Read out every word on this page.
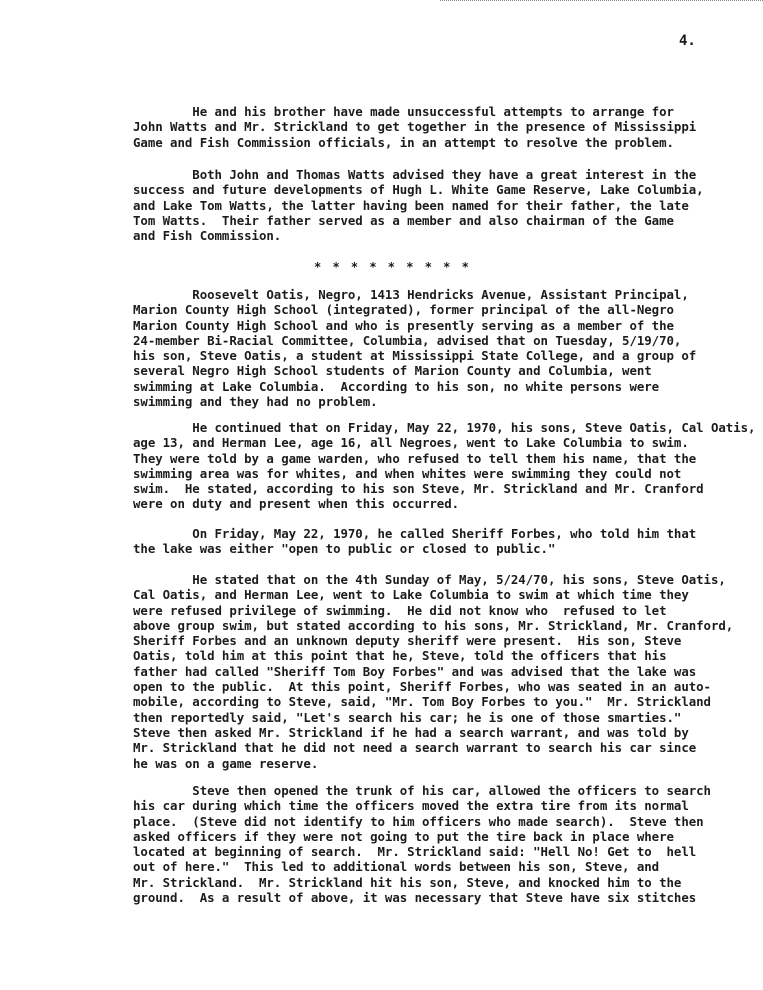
4.
He and his brother have made unsuccessful attempts to arrange for
John Watts and Mr. Strickland to get together in the presence of Mississippi
Game and Fish Commission officials, in an attempt to resolve the problem.
Both John and Thomas Watts advised they have a great interest in the
success and future developments of Hugh L. White Game Reserve, Lake Columbia,
and Lake Tom Watts, the latter having been named for their father, the late
Tom Watts.  Their father served as a member and also chairman of the Game
and Fish Commission.
* * * * * * * * *
Roosevelt Oatis, Negro, 1413 Hendricks Avenue, Assistant Principal,
Marion County High School (integrated), former principal of the all-Negro
Marion County High School and who is presently serving as a member of the
24-member Bi-Racial Committee, Columbia, advised that on Tuesday, 5/19/70,
his son, Steve Oatis, a student at Mississippi State College, and a group of
several Negro High School students of Marion County and Columbia, went
swimming at Lake Columbia.  According to his son, no white persons were
swimming and they had no problem.
He continued that on Friday, May 22, 1970, his sons, Steve Oatis, Cal Oatis,
age 13, and Herman Lee, age 16, all Negroes, went to Lake Columbia to swim.
They were told by a game warden, who refused to tell them his name, that the
swimming area was for whites, and when whites were swimming they could not
swim.  He stated, according to his son Steve, Mr. Strickland and Mr. Cranford
were on duty and present when this occurred.
On Friday, May 22, 1970, he called Sheriff Forbes, who told him that
the lake was either "open to public or closed to public."
He stated that on the 4th Sunday of May, 5/24/70, his sons, Steve Oatis,
Cal Oatis, and Herman Lee, went to Lake Columbia to swim at which time they
were refused privilege of swimming.  He did not know who  refused to let
above group swim, but stated according to his sons, Mr. Strickland, Mr. Cranford,
Sheriff Forbes and an unknown deputy sheriff were present.  His son, Steve
Oatis, told him at this point that he, Steve, told the officers that his
father had called "Sheriff Tom Boy Forbes" and was advised that the lake was
open to the public.  At this point, Sheriff Forbes, who was seated in an auto-
mobile, according to Steve, said, "Mr. Tom Boy Forbes to you."  Mr. Strickland
then reportedly said, "Let's search his car; he is one of those smarties."
Steve then asked Mr. Strickland if he had a search warrant, and was told by
Mr. Strickland that he did not need a search warrant to search his car since
he was on a game reserve.
Steve then opened the trunk of his car, allowed the officers to search
his car during which time the officers moved the extra tire from its normal
place.  (Steve did not identify to him officers who made search).  Steve then
asked officers if they were not going to put the tire back in place where
located at beginning of search.  Mr. Strickland said: "Hell No! Get to  hell
out of here."  This led to additional words between his son, Steve, and
Mr. Strickland.  Mr. Strickland hit his son, Steve, and knocked him to the
ground.  As a result of above, it was necessary that Steve have six stitches
